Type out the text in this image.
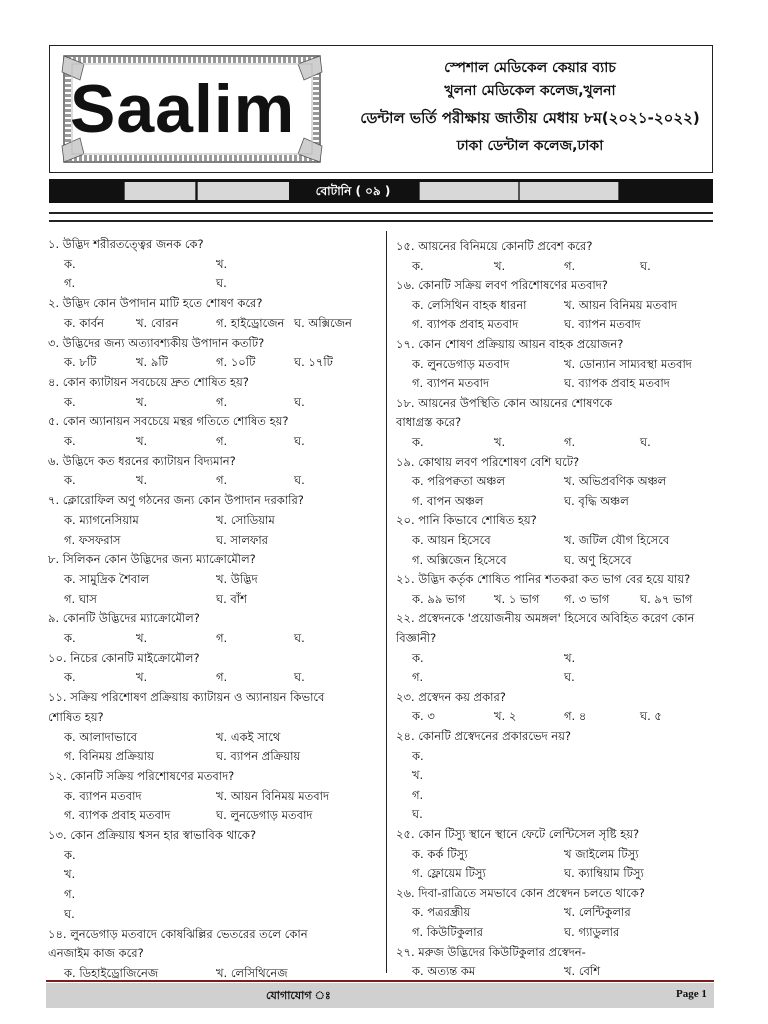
Saalim
স্পেশাল মেডিকেল কেয়ার ব্যাচ
খুলনা মেডিকেল কলেজ,খুলনা
ডেন্টাল ভর্তি পরীক্ষায় জাতীয় মেধায় ৮ম(২০২১-২০২২)
ঢাকা ডেন্টাল কলেজ,ঢাকা
বোটানি ( ০৯ )
১. উদ্ভিদ শরীরতত্ত্বের জনক কে?
ক.	খ.
গ.	ঘ.
২. উদ্ভিদ কোন উপাদান মাটি হতে শোষণ করে?
ক. কার্বন	খ. বোরন	গ. হাইড্রোজেন ঘ. অক্সিজেন
৩. উদ্ভিদের জন্য অত্যাবশ্যকীয় উপাদান কতটি?
ক. ৮টি	খ. ৯টি	গ. ১০টি	ঘ. ১৭টি
৪. কোন ক্যাটায়ন সবচেয়ে দ্রুত শোষিত হয়?
ক.	খ.	গ.	ঘ.
৫. কোন অ্যানায়ন সবচেয়ে মন্থর গতিতে শোষিত হয়?
ক.	খ.	গ.	ঘ.
৬. উদ্ভিদে কত ধরনের ক্যাটায়ন বিদ্যমান?
ক.	খ.	গ.	ঘ.
৭. ক্লোরোফিল অণু গঠনের জন্য কোন উপাদান দরকারি?
ক. ম্যাগনেসিয়াম	খ. সোডিয়াম
গ. ফসফরাস	ঘ. সালফার
৮. সিলিকন কোন উদ্ভিদের জন্য ম্যাক্রোমৌল?
ক. সামুদ্রিক শৈবাল	খ. উদ্ভিদ
গ. ঘাস	ঘ. বাঁশ
৯. কোনটি উদ্ভিদের ম্যাক্রোমৌল?
ক.	খ.	গ.	ঘ.
১০. নিচের কোনটি মাইক্রোমৌল?
ক.	খ.	গ.	ঘ.
১১. সক্রিয় পরিশোষণ প্রক্রিয়ায় ক্যাটায়ন ও অ্যানায়ন কিভাবে
শোষিত হয়?
ক. আলাদাভাবে	খ. একই সাথে
গ. বিনিময় প্রক্রিয়ায়	ঘ. ব্যাপন প্রক্রিয়ায়
১২. কোনটি সক্রিয় পরিশোষণের মতবাদ?
ক. ব্যাপন মতবাদ	খ. আয়ন বিনিময় মতবাদ
গ. ব্যাপক প্রবাহ মতবাদ	ঘ. লুনডেগাড় মতবাদ
১৩. কোন প্রক্রিয়ায় শ্বসন হার স্বাভাবিক থাকে?
ক.
খ.
গ.
ঘ.
১৪. লুনডেগাড় মতবাদে কোষঝিল্লির ভেতরের তলে কোন
এনজাইম কাজ করে?
ক. ডিহাইড্রোজিনেজ	খ. লেসিথিনেজ
১৫. আয়নের বিনিময়ে কোনটি প্রবেশ করে?
ক.	খ.	গ.	ঘ.
১৬. কোনটি সক্রিয় লবণ পরিশোষণের মতবাদ?
ক. লেসিথিন বাহক ধারনা	খ. আয়ন বিনিময় মতবাদ
গ. ব্যাপক প্রবাহ মতবাদ	ঘ. ব্যাপন মতবাদ
১৭. কোন শোষণ প্রক্রিয়ায় আয়ন বাহক প্রয়োজন?
ক. লুনডেগাড় মতবাদ	খ. ডোন্যান সাম্যবস্থা মতবাদ
গ. ব্যাপন মতবাদ	ঘ. ব্যাপক প্রবাহ মতবাদ
১৮. আয়নের উপস্থিতি কোন আয়নের শোষণকে
বাধাগ্রস্ত করে?
ক.	খ.	গ.	ঘ.
১৯. কোথায় লবণ পরিশোষণ বেশি ঘটে?
ক. পরিপক্বতা অঞ্চল	খ. অভিপ্রবণিক অঞ্চল
গ. বাপন অঞ্চল	ঘ. বৃদ্ধি অঞ্চল
২০. পানি কিভাবে শোষিত হয়?
ক. আয়ন হিসেবে	খ. জটিল যৌগ হিসেবে
গ. অক্সিজেন হিসেবে	ঘ. অণু হিসেবে
২১. উদ্ভিদ কর্তৃক শোষিত পানির শতকরা কত ভাগ বের হয়ে যায়?
ক. ৯৯ ভাগ খ. ১ ভাগ গ. ৩ ভাগ	ঘ. ৯৭ ভাগ
২২. প্রস্বেদনকে 'প্রয়োজনীয় অমঙ্গল' হিসেবে অবিহিত করেণ কোন
বিজ্ঞানী?
ক.	খ.
গ.	ঘ.
২৩. প্রস্বেদন কয় প্রকার?
ক. ৩	খ. ২	গ. ৪	ঘ. ৫
২৪. কোনটি প্রস্বেদনের প্রকারভেদ নয়?
ক.
খ.
গ.
ঘ.
২৫. কোন টিস্যু স্থানে স্থানে ফেটে লেন্টিসেল সৃষ্টি হয়?
ক. কর্ক টিস্যু	খ জাইলেম টিস্যু
গ. ফ্লোয়েম টিস্যু	ঘ. ক্যাম্বিয়াম টিস্যু
২৬. দিবা-রাত্রিতে সমভাবে কোন প্রস্বেদন চলতে থাকে?
ক. পত্ররন্ধ্রীয়	খ. লেন্টিকুলার
গ. কিউটিকুলার	ঘ. গ্যাডুলার
২৭. মরুজ উদ্ভিদের কিউটিকুলার প্রস্বেদন-
ক. অত্যন্ত কম	খ. বেশি
যোগাযোগ ঃ	Page 1
